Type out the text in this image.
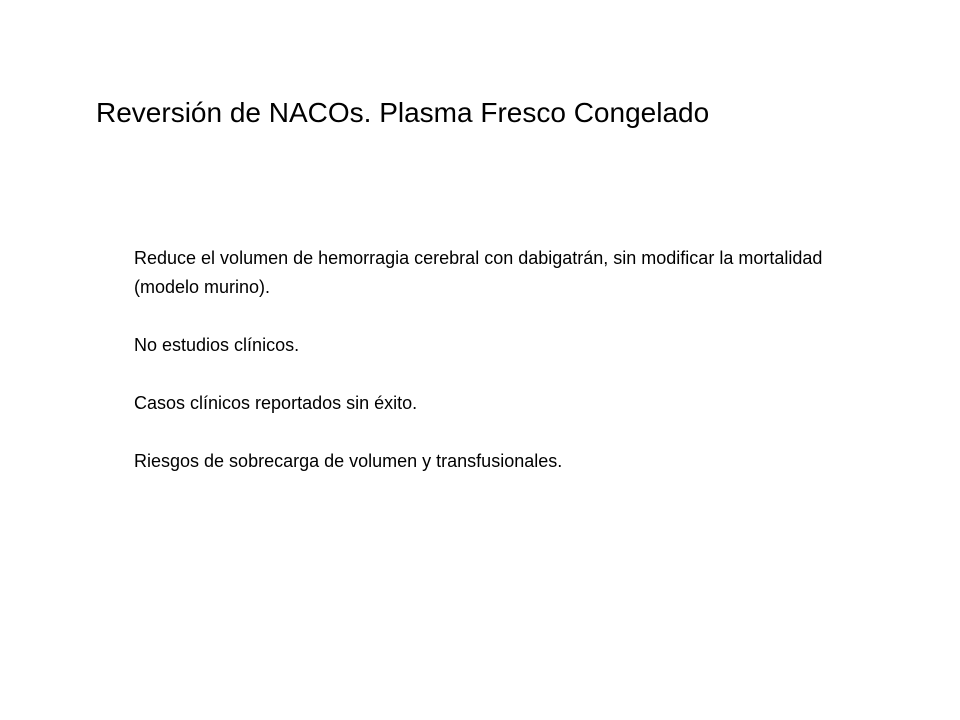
Reversión de NACOs. Plasma Fresco Congelado
Reduce el volumen de hemorragia cerebral con dabigatrán, sin modificar la mortalidad (modelo murino).
No estudios clínicos.
Casos clínicos reportados sin éxito.
Riesgos de sobrecarga de volumen y transfusionales.
